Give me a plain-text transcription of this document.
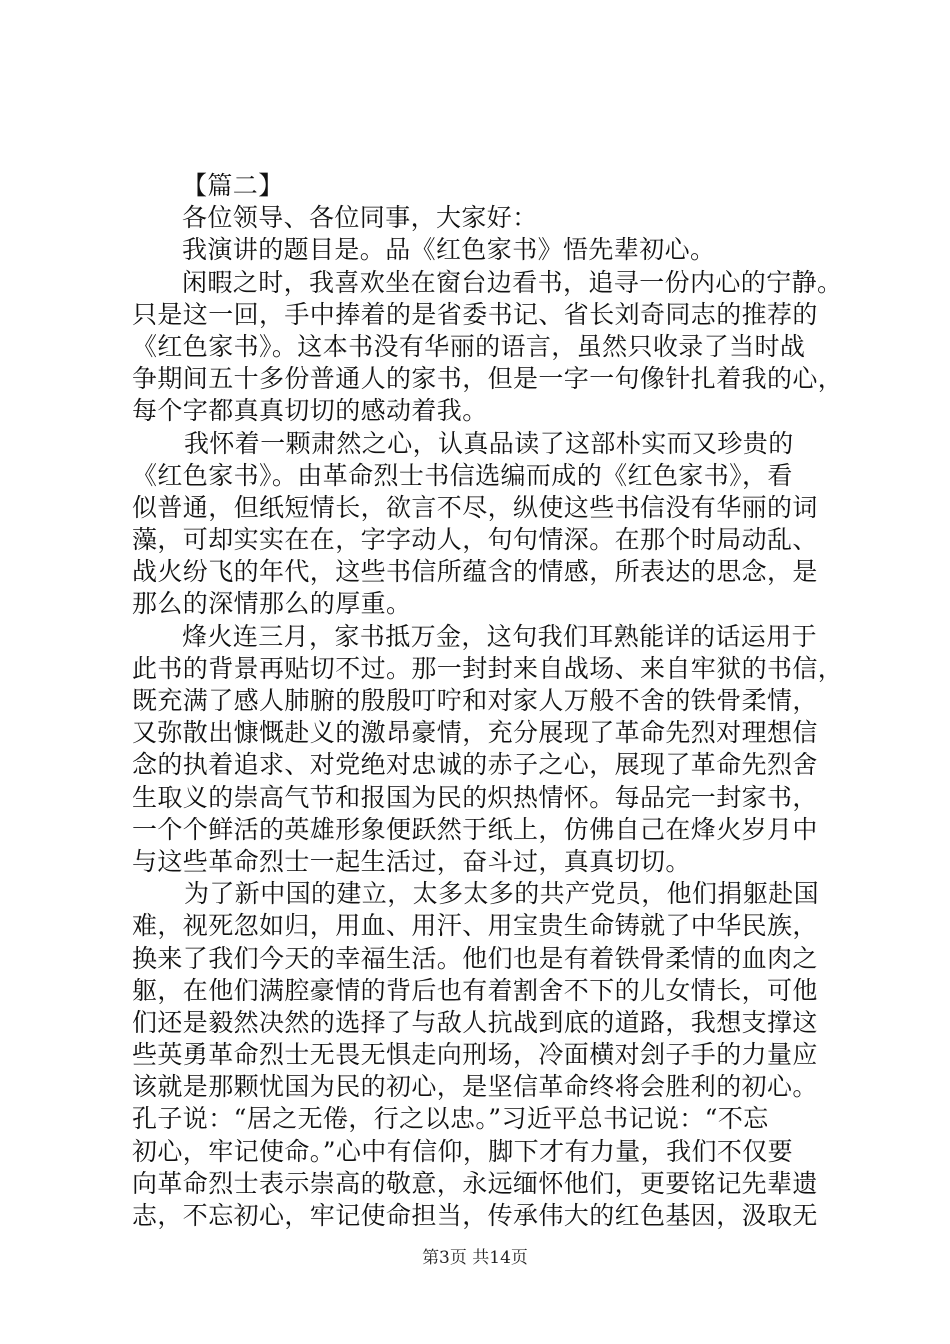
【篇二】
各位领导、各位同事，大家好：
我演讲的题目是。品《红色家书》悟先辈初心。
闲暇之时，我喜欢坐在窗台边看书，追寻一份内心的宁静。
只是这一回，手中捧着的是省委书记、省长刘奇同志的推荐的
《红色家书》。这本书没有华丽的语言，虽然只收录了当时战
争期间五十多份普通人的家书，但是一字一句像针扎着我的心，
每个字都真真切切的感动着我。
我怀着一颗肃然之心，认真品读了这部朴实而又珍贵的
《红色家书》。由革命烈士书信选编而成的《红色家书》，看
似普通，但纸短情长，欲言不尽，纵使这些书信没有华丽的词
藻，可却实实在在，字字动人，句句情深。在那个时局动乱、
战火纷飞的年代，这些书信所蕴含的情感，所表达的思念，是
那么的深情那么的厚重。
烽火连三月，家书抵万金，这句我们耳熟能详的话运用于
此书的背景再贴切不过。那一封封来自战场、来自牢狱的书信，
既充满了感人肺腑的殷殷叮咛和对家人万般不舍的铁骨柔情，
又弥散出慷慨赴义的激昂豪情，充分展现了革命先烈对理想信
念的执着追求、对党绝对忠诚的赤子之心，展现了革命先烈舍
生取义的崇高气节和报国为民的炽热情怀。每品完一封家书，
一个个鲜活的英雄形象便跃然于纸上，仿佛自己在烽火岁月中
与这些革命烈士一起生活过，奋斗过，真真切切。
为了新中国的建立，太多太多的共产党员，他们捐躯赴国
难，视死忽如归，用血、用汗、用宝贵生命铸就了中华民族，
换来了我们今天的幸福生活。他们也是有着铁骨柔情的血肉之
躯，在他们满腔豪情的背后也有着割舍不下的儿女情长，可他
们还是毅然决然的选择了与敌人抗战到底的道路，我想支撑这
些英勇革命烈士无畏无惧走向刑场，冷面横对刽子手的力量应
该就是那颗忧国为民的初心，是坚信革命终将会胜利的初心。
孔子说：“居之无倦，行之以忠。”习近平总书记说：“不忘
初心，牢记使命。”心中有信仰，脚下才有力量，我们不仅要
向革命烈士表示崇高的敬意，永远缅怀他们，更要铭记先辈遗
志，不忘初心，牢记使命担当，传承伟大的红色基因，汲取无
第3页 共14页
